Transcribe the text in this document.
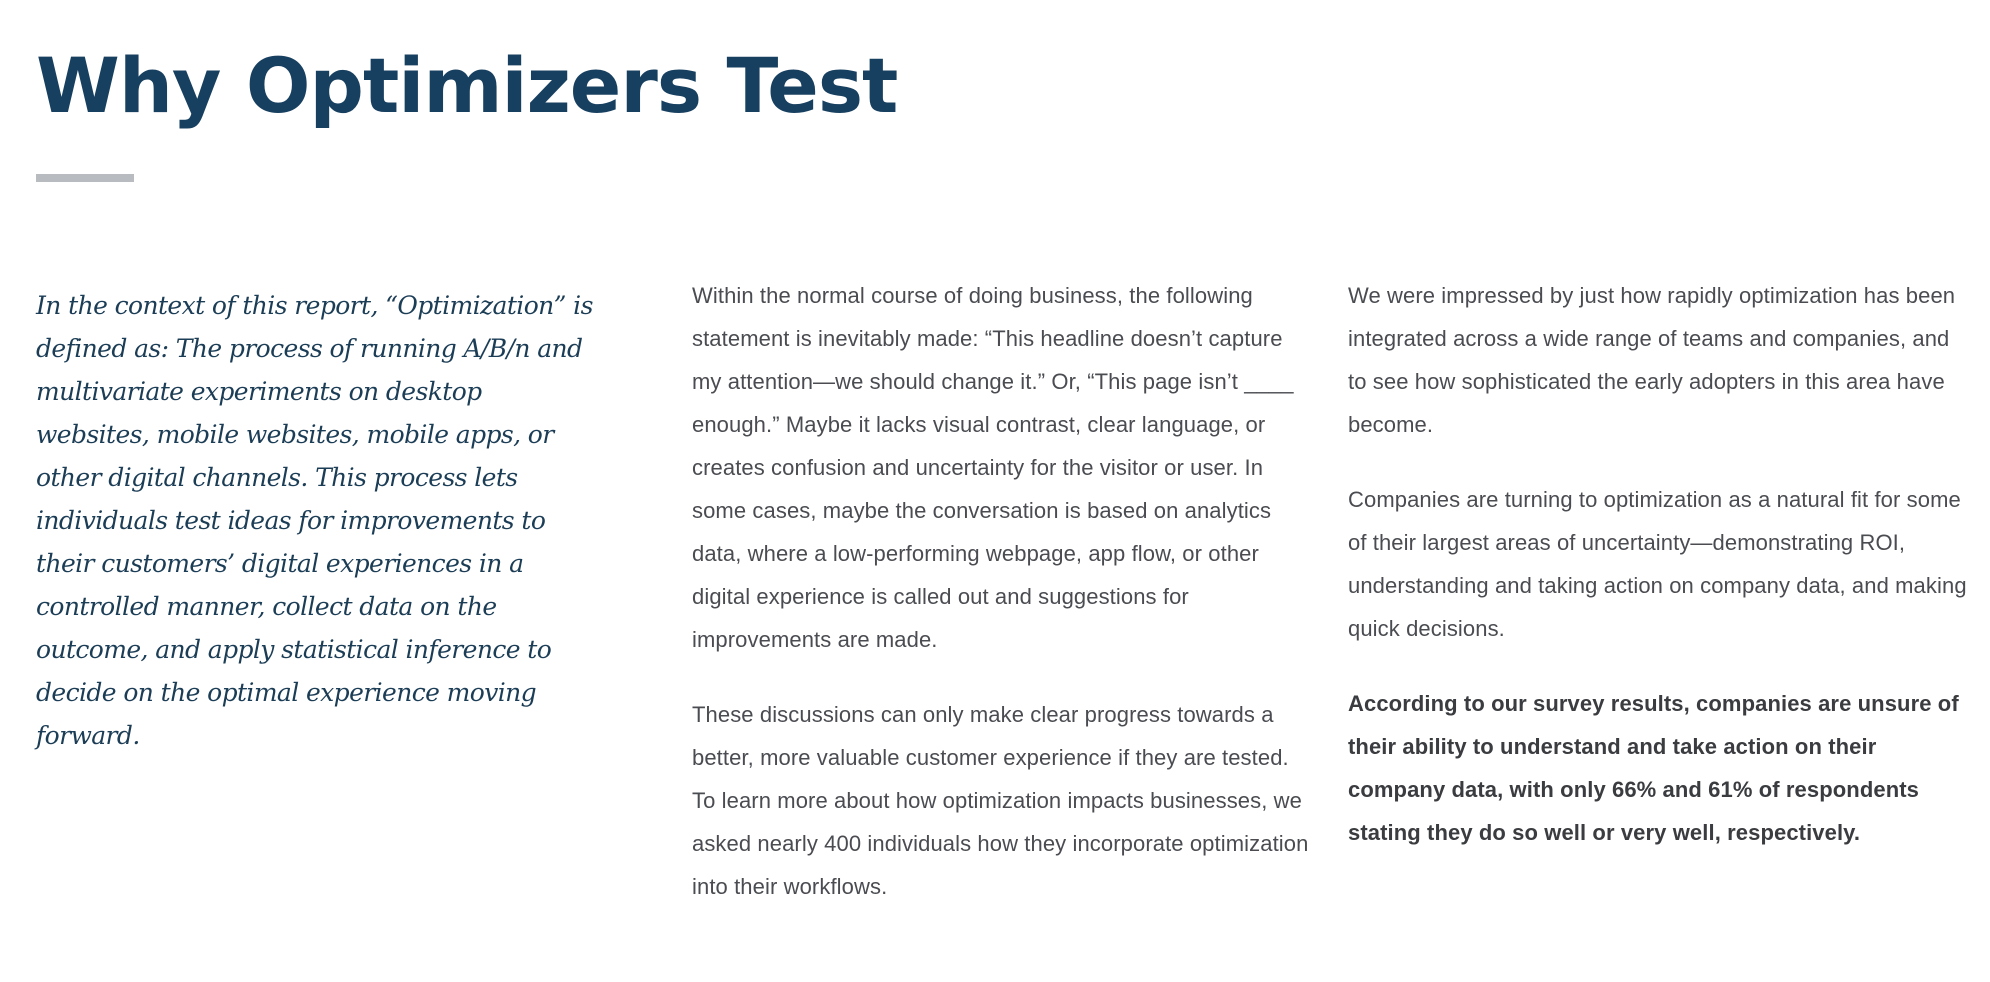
Why Optimizers Test

In the context of this report, “Optimization” is defined as: The process of running A/B/n and multivariate experiments on desktop websites, mobile websites, mobile apps, or other digital channels. This process lets individuals test ideas for improvements to their customers’ digital experiences in a controlled manner, collect data on the outcome, and apply statistical inference to decide on the optimal experience moving forward.

Within the normal course of doing business, the following statement is inevitably made: “This headline doesn’t capture my attention—we should change it.” Or, “This page isn’t ____ enough.” Maybe it lacks visual contrast, clear language, or creates confusion and uncertainty for the visitor or user. In some cases, maybe the conversation is based on analytics data, where a low-performing webpage, app flow, or other digital experience is called out and suggestions for improvements are made.

These discussions can only make clear progress towards a better, more valuable customer experience if they are tested. To learn more about how optimization impacts businesses, we asked nearly 400 individuals how they incorporate optimization into their workflows.

We were impressed by just how rapidly optimization has been integrated across a wide range of teams and companies, and to see how sophisticated the early adopters in this area have become.

Companies are turning to optimization as a natural fit for some of their largest areas of uncertainty—demonstrating ROI, understanding and taking action on company data, and making quick decisions.

According to our survey results, companies are unsure of their ability to understand and take action on their company data, with only 66% and 61% of respondents stating they do so well or very well, respectively.
